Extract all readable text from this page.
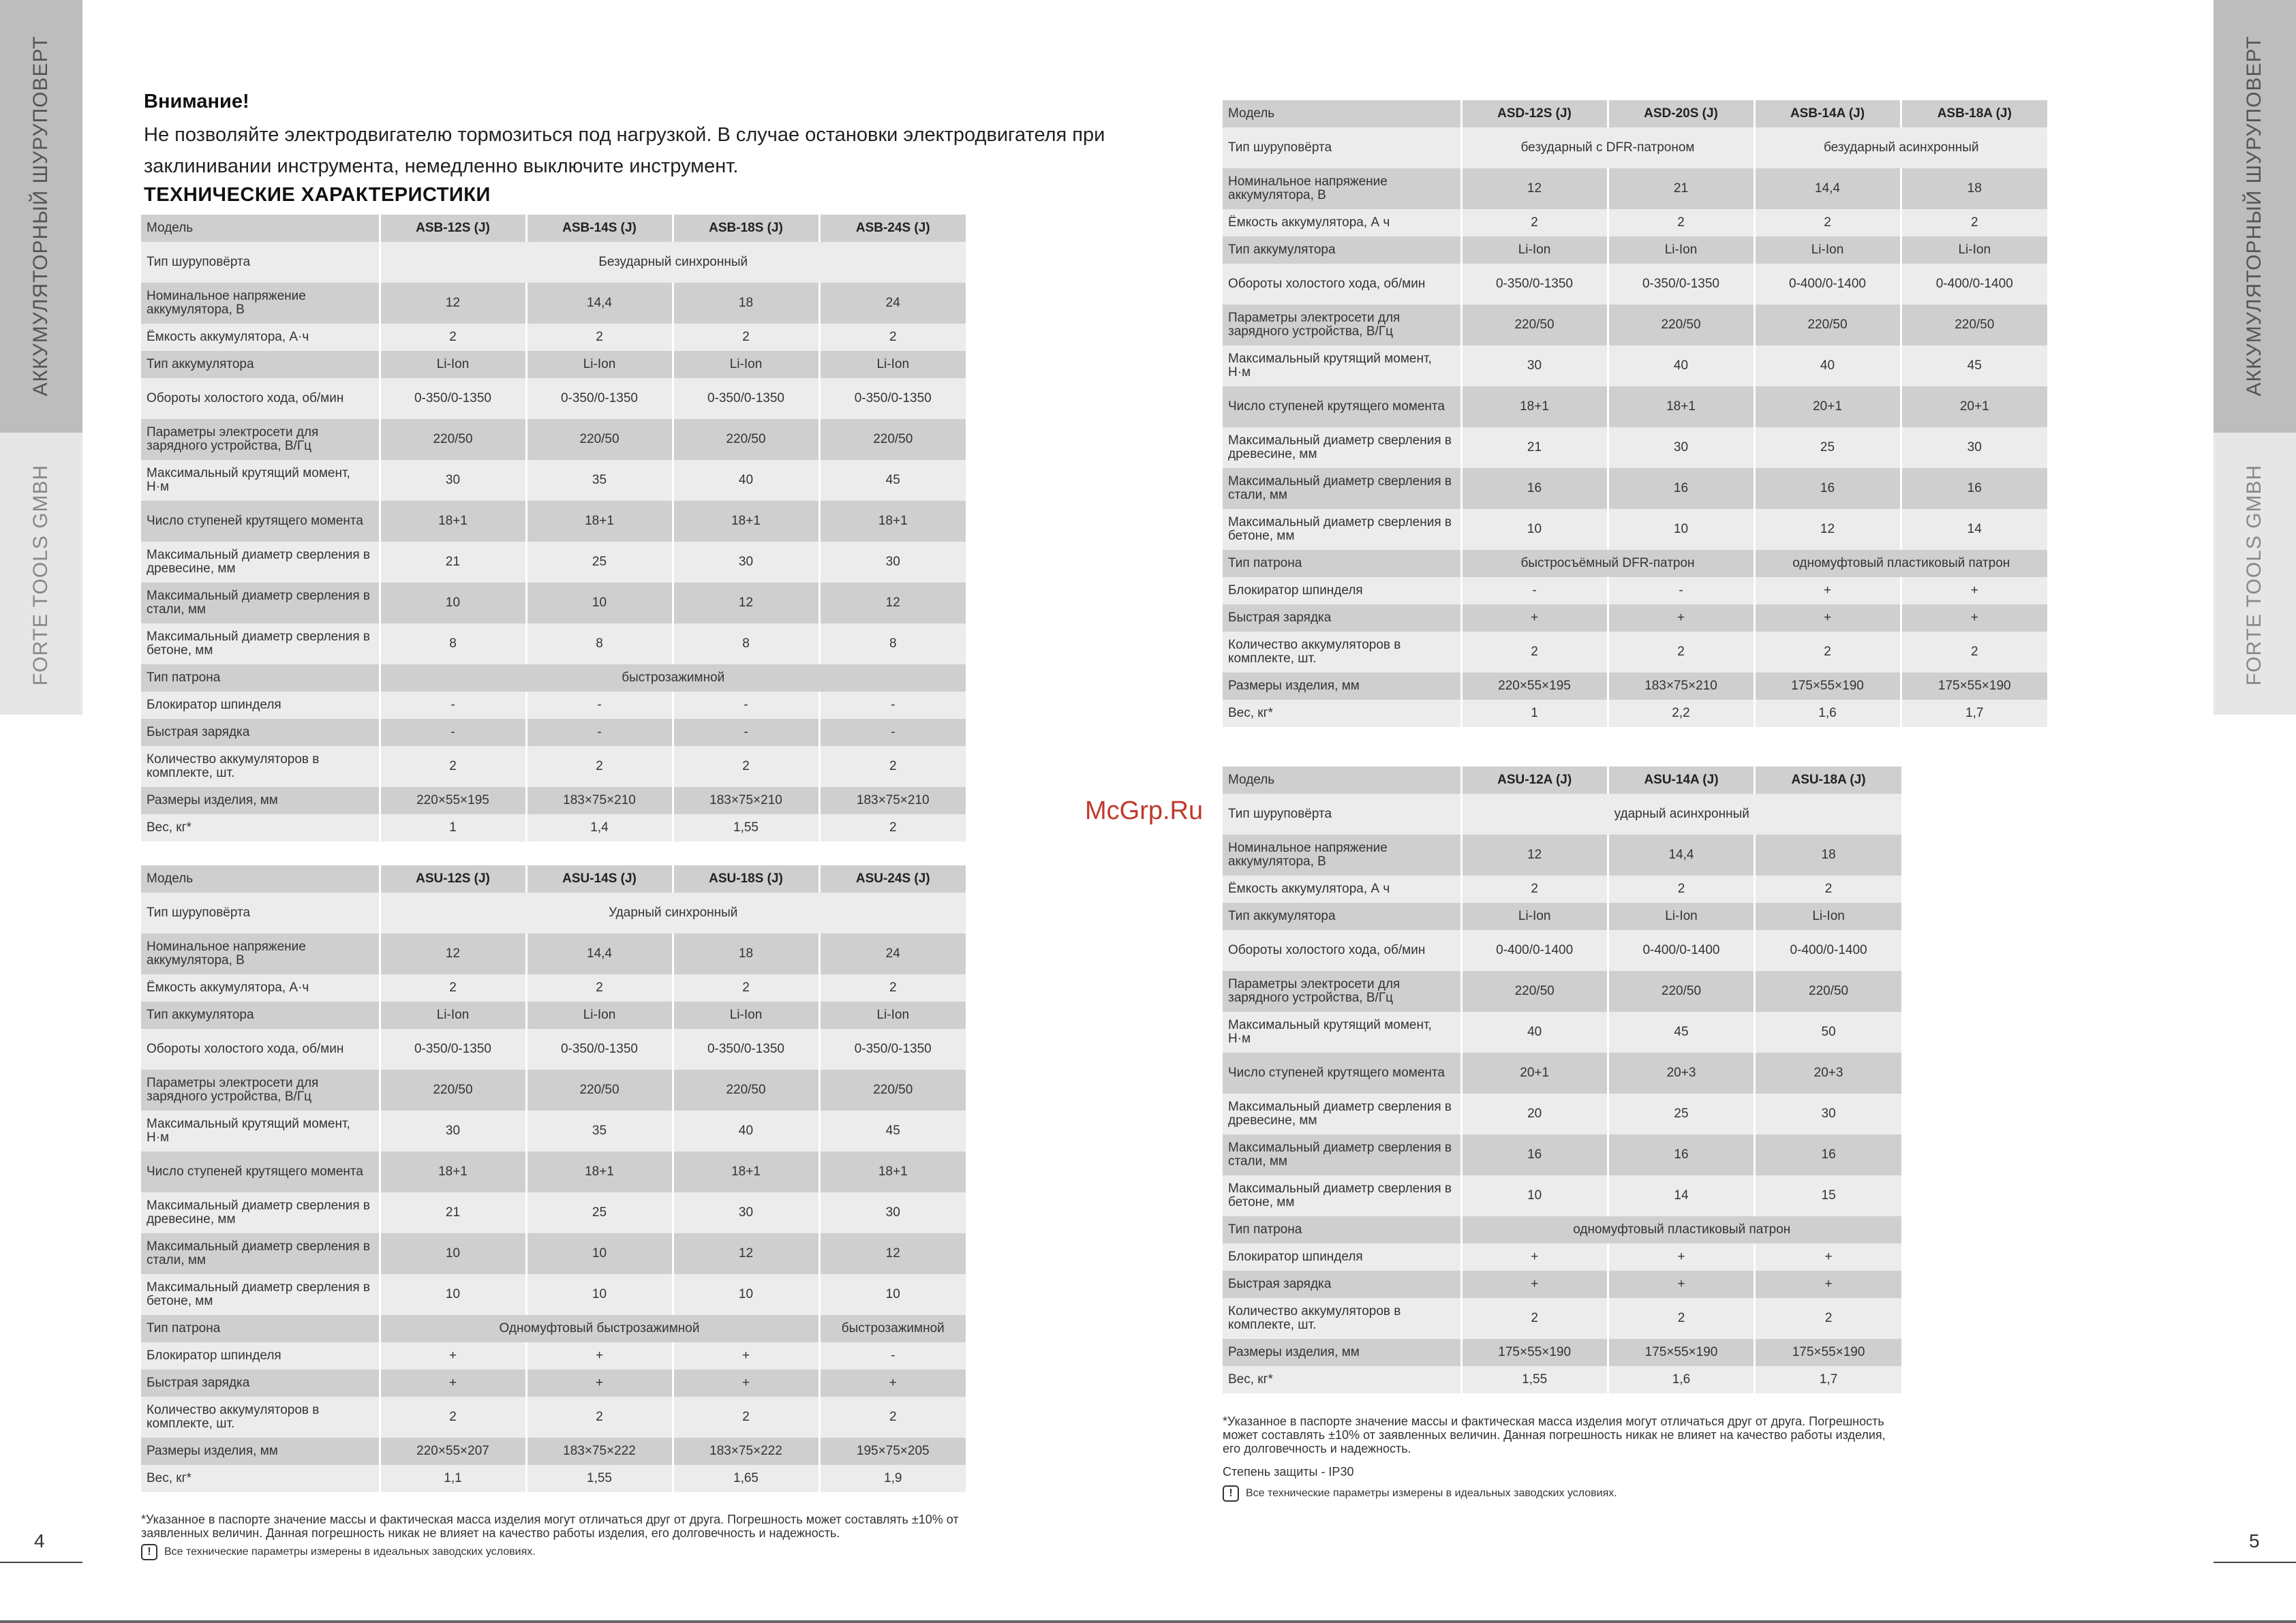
АККУМУЛЯТОРНЫЙ ШУРУПОВЕРТ
FORTE TOOLS GMBH
АККУМУЛЯТОРНЫЙ ШУРУПОВЕРТ
FORTE TOOLS GMBH
4	5
Внимание!
Не позволяйте электродвигателю тормозиться под нагрузкой. В случае остановки электродвигателя при заклинивании инструмента, немедленно выключите инструмент.
ТЕХНИЧЕСКИЕ ХАРАКТЕРИСТИКИ
Модель	ASB-12S (J)	ASB-14S (J)	ASB-18S (J)	ASB-24S (J)
Тип шуруповёрта	Безударный синхронный			
Номинальное напряжение аккумулятора, В	12	14,4	18	24
Ёмкость аккумулятора, А·ч	2	2	2	2
Тип аккумулятора	Li-Ion	Li-Ion	Li-Ion	Li-Ion
Обороты холостого хода, об/мин	0-350/0-1350	0-350/0-1350	0-350/0-1350	0-350/0-1350
Параметры электросети для зарядного устройства, В/Гц	220/50	220/50	220/50	220/50
Максимальный крутящий момент, Н·м	30	35	40	45
Число ступеней крутящего момента	18+1	18+1	18+1	18+1
Максимальный диаметр сверления в древесине, мм	21	25	30	30
Максимальный диаметр сверления в стали, мм	10	10	12	12
Максимальный диаметр сверления в бетоне, мм	8	8	8	8
Тип патрона	быстрозажимной			
Блокиратор шпинделя	-	-	-	-
Быстрая зарядка	-	-	-	-
Количество аккумуляторов в комплекте, шт.	2	2	2	2
Размеры изделия, мм	220×55×195	183×75×210	183×75×210	183×75×210
Вес, кг*	1	1,4	1,55	2
Модель	ASU-12S (J)	ASU-14S (J)	ASU-18S (J)	ASU-24S (J)
Тип шуруповёрта	Ударный синхронный			
Номинальное напряжение аккумулятора, В	12	14,4	18	24
Ёмкость аккумулятора, А·ч	2	2	2	2
Тип аккумулятора	Li-Ion	Li-Ion	Li-Ion	Li-Ion
Обороты холостого хода, об/мин	0-350/0-1350	0-350/0-1350	0-350/0-1350	0-350/0-1350
Параметры электросети для зарядного устройства, В/Гц	220/50	220/50	220/50	220/50
Максимальный крутящий момент, Н·м	30	35	40	45
Число ступеней крутящего момента	18+1	18+1	18+1	18+1
Максимальный диаметр сверления в древесине, мм	21	25	30	30
Максимальный диаметр сверления в стали, мм	10	10	12	12
Максимальный диаметр сверления в бетоне, мм	10	10	10	10
Тип патрона	Одномуфтовый быстрозажимной			быстрозажимной
Блокиратор шпинделя	+	+	+	-
Быстрая зарядка	+	+	+	+
Количество аккумуляторов в комплекте, шт.	2	2	2	2
Размеры изделия, мм	220×55×207	183×75×222	183×75×222	195×75×205
Вес, кг*	1,1	1,55	1,65	1,9
Модель	ASD-12S (J)	ASD-20S (J)	ASB-14A (J)	ASB-18A (J)
Тип шуруповёрта	безударный с DFR-патроном		безударный асинхронный	
Номинальное напряжение аккумулятора, В	12	21	14,4	18
Ёмкость аккумулятора, А ч	2	2	2	2
Тип аккумулятора	Li-Ion	Li-Ion	Li-Ion	Li-Ion
Обороты холостого хода, об/мин	0-350/0-1350	0-350/0-1350	0-400/0-1400	0-400/0-1400
Параметры электросети для зарядного устройства, В/Гц	220/50	220/50	220/50	220/50
Максимальный крутящий момент, Н·м	30	40	40	45
Число ступеней крутящего момента	18+1	18+1	20+1	20+1
Максимальный диаметр сверления в древесине, мм	21	30	25	30
Максимальный диаметр сверления в стали, мм	16	16	16	16
Максимальный диаметр сверления в бетоне, мм	10	10	12	14
Тип патрона	быстросъёмный DFR-патрон		одномуфтовый пластиковый патрон	
Блокиратор шпинделя	-	-	+	+
Быстрая зарядка	+	+	+	+
Количество аккумуляторов в комплекте, шт.	2	2	2	2
Размеры изделия, мм	220×55×195	183×75×210	175×55×190	175×55×190
Вес, кг*	1	2,2	1,6	1,7
Модель	ASU-12A (J)	ASU-14A (J)	ASU-18A (J)
Тип шуруповёрта	ударный асинхронный		
Номинальное напряжение аккумулятора, В	12	14,4	18
Ёмкость аккумулятора, А ч	2	2	2
Тип аккумулятора	Li-Ion	Li-Ion	Li-Ion
Обороты холостого хода, об/мин	0-400/0-1400	0-400/0-1400	0-400/0-1400
Параметры электросети для зарядного устройства, В/Гц	220/50	220/50	220/50
Максимальный крутящий момент, Н·м	40	45	50
Число ступеней крутящего момента	20+1	20+3	20+3
Максимальный диаметр сверления в древесине, мм	20	25	30
Максимальный диаметр сверления в стали, мм	16	16	16
Максимальный диаметр сверления в бетоне, мм	10	14	15
Тип патрона	одномуфтовый пластиковый патрон		
Блокиратор шпинделя	+	+	+
Быстрая зарядка	+	+	+
Количество аккумуляторов в комплекте, шт.	2	2	2
Размеры изделия, мм	175×55×190	175×55×190	175×55×190
Вес, кг*	1,55	1,6	1,7
McGrp.Ru
*Указанное в паспорте значение массы и фактическая масса изделия могут отличаться друг от друга. Погрешность может составлять ±10% от заявленных величин. Данная погрешность никак не влияет на качество работы изделия, его долговечность и надежность.
!	Все технические параметры измерены в идеальных заводских условиях.
*Указанное в паспорте значение массы и фактическая масса изделия могут отличаться друг от друга. Погрешность может составлять ±10% от заявленных величин. Данная погрешность никак не влияет на качество работы изделия, его долговечность и надежность.
Степень защиты - IP30
!	Все технические параметры измерены в идеальных заводских условиях.
